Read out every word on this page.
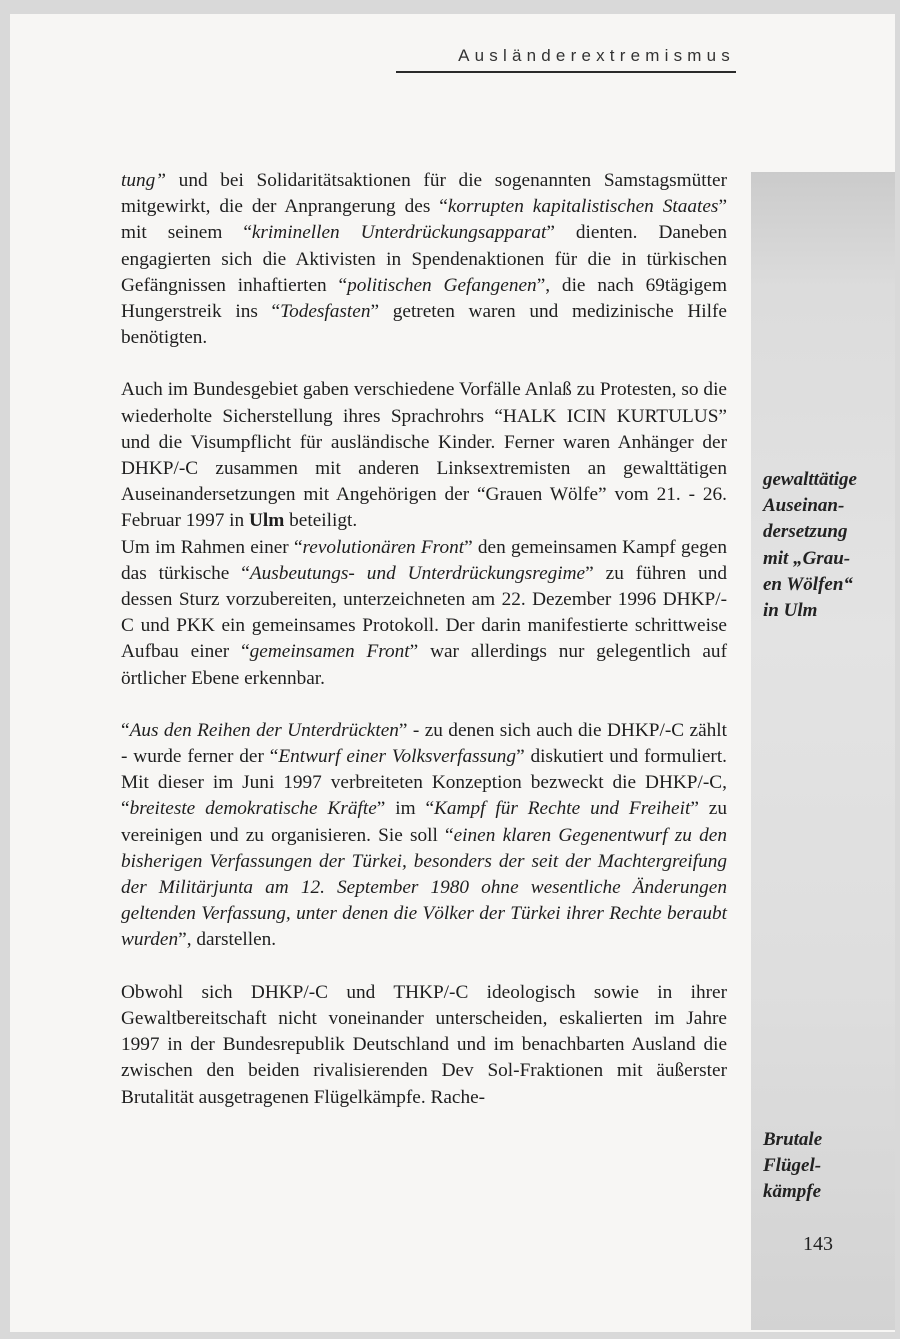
Ausländerextremismus

tung” und bei Solidaritätsaktionen für die sogenannten Samstagsmütter mitgewirkt, die der Anprangerung des “korrupten kapitalistischen Staates” mit seinem “kriminellen Unterdrückungsapparat” dienten. Daneben engagierten sich die Aktivisten in Spendenaktionen für die in türkischen Gefängnissen inhaftierten “politischen Gefangenen”, die nach 69tägigem Hungerstreik ins “Todesfasten” getreten waren und medizinische Hilfe benötigten.

Auch im Bundesgebiet gaben verschiedene Vorfälle Anlaß zu Protesten, so die wiederholte Sicherstellung ihres Sprachrohrs “HALK ICIN KURTULUS” und die Visumpflicht für ausländische Kinder. Ferner waren Anhänger der DHKP/-C zusammen mit anderen Linksextremisten an gewalttätigen Auseinandersetzungen mit Angehörigen der “Grauen Wölfe” vom 21. - 26. Februar 1997 in Ulm beteiligt.

Um im Rahmen einer “revolutionären Front” den gemeinsamen Kampf gegen das türkische “Ausbeutungs- und Unterdrückungsregime” zu führen und dessen Sturz vorzubereiten, unterzeichneten am 22. Dezember 1996 DHKP/-C und PKK ein gemeinsames Protokoll. Der darin manifestierte schrittweise Aufbau einer “gemeinsamen Front” war allerdings nur gelegentlich auf örtlicher Ebene erkennbar.

“Aus den Reihen der Unterdrückten” - zu denen sich auch die DHKP/-C zählt - wurde ferner der “Entwurf einer Volksverfassung” diskutiert und formuliert. Mit dieser im Juni 1997 verbreiteten Konzeption bezweckt die DHKP/-C, “breiteste demokratische Kräfte” im “Kampf für Rechte und Freiheit” zu vereinigen und zu organisieren. Sie soll “einen klaren Gegenentwurf zu den bisherigen Verfassungen der Türkei, besonders der seit der Machtergreifung der Militärjunta am 12. September 1980 ohne wesentliche Änderungen geltenden Verfassung, unter denen die Völker der Türkei ihrer Rechte beraubt wurden”, darstellen.

Obwohl sich DHKP/-C und THKP/-C ideologisch sowie in ihrer Gewaltbereitschaft nicht voneinander unterscheiden, eskalierten im Jahre 1997 in der Bundesrepublik Deutschland und im benachbarten Ausland die zwischen den beiden rivalisierenden Dev Sol-Fraktionen mit äußerster Brutalität ausgetragenen Flügelkämpfe. Rache-

gewalttätige
Auseinan-
dersetzung
mit „Grau-
en Wölfen“
in Ulm
Brutale
Flügel-
kämpfe
143
